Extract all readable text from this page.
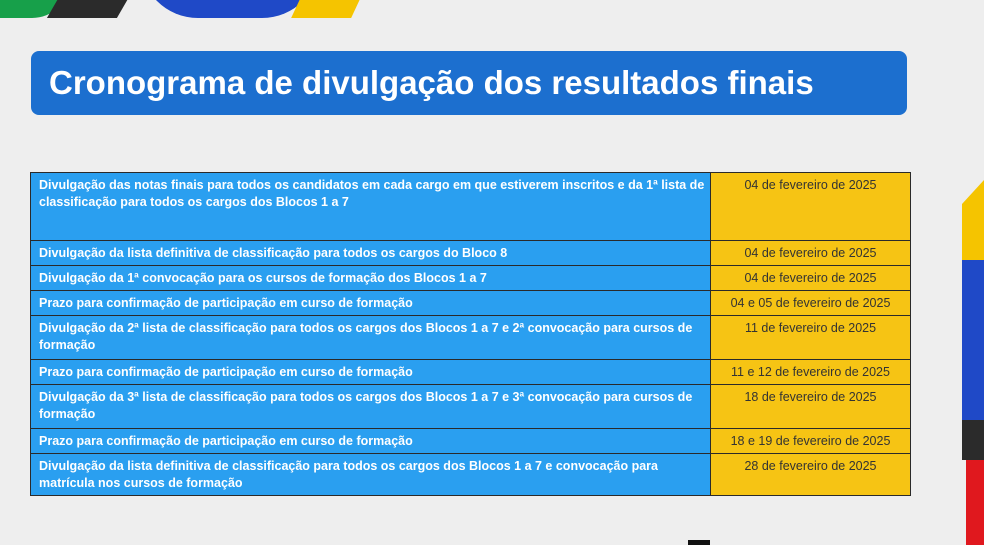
Cronograma de divulgação dos resultados finais
Divulgação das notas finais para todos os candidatos em cada cargo em que estiverem inscritos e da 1ª lista de classificação para todos os cargos dos Blocos 1 a 7	04 de fevereiro de 2025
Divulgação da lista definitiva de classificação para todos os cargos do Bloco 8	04 de fevereiro de 2025
Divulgação da 1ª convocação para os cursos de formação dos Blocos 1 a 7	04 de fevereiro de 2025
Prazo para confirmação de participação em curso de formação	04 e 05 de fevereiro de 2025
Divulgação da 2ª lista de classificação para todos os cargos dos Blocos 1 a 7 e 2ª convocação para cursos de formação	11 de fevereiro de 2025
Prazo para confirmação de participação em curso de formação	11 e 12 de fevereiro de 2025
Divulgação da 3ª lista de classificação para todos os cargos dos Blocos 1 a 7 e 3ª convocação para cursos de formação	18 de fevereiro de 2025
Prazo para confirmação de participação em curso de formação	18 e 19 de fevereiro de 2025
Divulgação da lista definitiva de classificação para todos os cargos dos Blocos 1 a 7 e convocação para matrícula nos cursos de formação	28 de fevereiro de 2025
